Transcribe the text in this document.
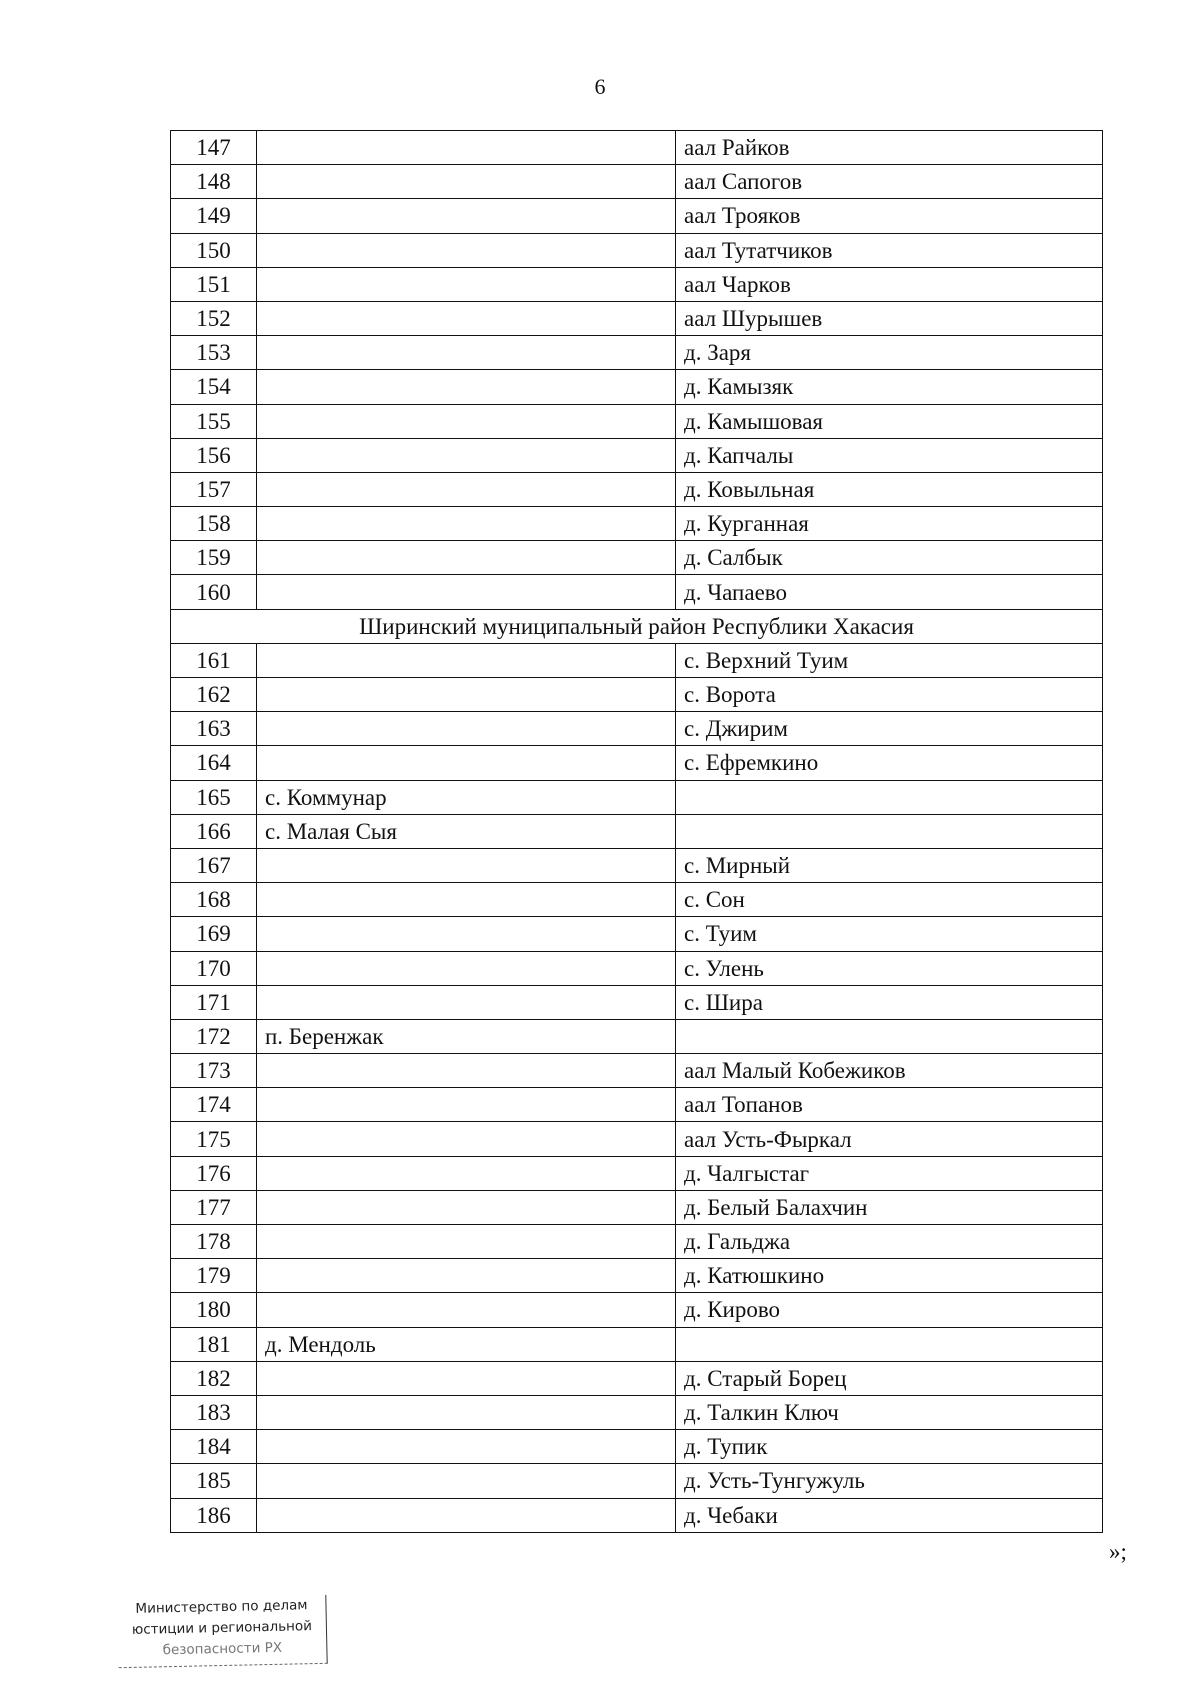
6
147		аал Райков
148		аал Сапогов
149		аал Трояков
150		аал Тутатчиков
151		аал Чарков
152		аал Шурышев
153		д. Заря
154		д. Камызяк
155		д. Камышовая
156		д. Капчалы
157		д. Ковыльная
158		д. Курганная
159		д. Салбык
160		д. Чапаево
Ширинский муниципальный район Республики Хакасия		
161		с. Верхний Туим
162		с. Ворота
163		с. Джирим
164		с. Ефремкино
165	с. Коммунар	
166	с. Малая Сыя	
167		с. Мирный
168		с. Сон
169		с. Туим
170		с. Улень
171		с. Шира
172	п. Беренжак	
173		аал Малый Кобежиков
174		аал Топанов
175		аал Усть-Фыркал
176		д. Чалгыстаг
177		д. Белый Балахчин
178		д. Гальджа
179		д. Катюшкино
180		д. Кирово
181	д. Мендоль	
182		д. Старый Борец
183		д. Талкин Ключ
184		д. Тупик
185		д. Усть-Тунгужуль
186		д. Чебаки
»;
Министерство по делам
юстиции и региональной
безопасности РХ
